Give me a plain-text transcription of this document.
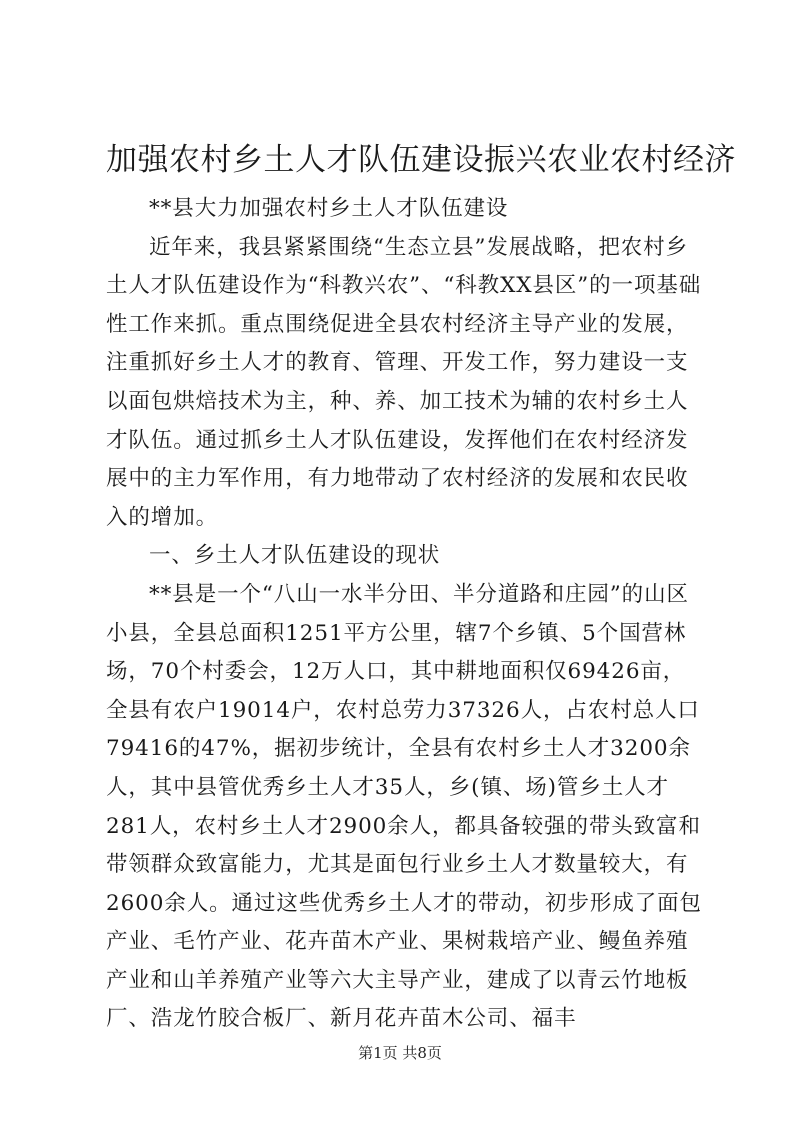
加强农村乡土人才队伍建设振兴农业农村经济

**县大力加强农村乡土人才队伍建设

近年来，我县紧紧围绕“生态立县”发展战略，把农村乡土人才队伍建设作为“科教兴农”、“科教XX县区”的一项基础性工作来抓。重点围绕促进全县农村经济主导产业的发展，注重抓好乡土人才的教育、管理、开发工作，努力建设一支以面包烘焙技术为主，种、养、加工技术为辅的农村乡土人才队伍。通过抓乡土人才队伍建设，发挥他们在农村经济发展中的主力军作用，有力地带动了农村经济的发展和农民收入的增加。

一、乡土人才队伍建设的现状

**县是一个“八山一水半分田、半分道路和庄园”的山区小县，全县总面积1251平方公里，辖7个乡镇、5个国营林场，70个村委会，12万人口，其中耕地面积仅69426亩，全县有农户19014户，农村总劳力37326人，占农村总人口79416的47%，据初步统计，全县有农村乡土人才3200余人，其中县管优秀乡土人才35人，乡(镇、场)管乡土人才281人，农村乡土人才2900余人，都具备较强的带头致富和带领群众致富能力，尤其是面包行业乡土人才数量较大，有2600余人。通过这些优秀乡土人才的带动，初步形成了面包产业、毛竹产业、花卉苗木产业、果树栽培产业、鳗鱼养殖产业和山羊养殖产业等六大主导产业，建成了以青云竹地板厂、浩龙竹胶合板厂、新月花卉苗木公司、福丰

第1页 共8页
